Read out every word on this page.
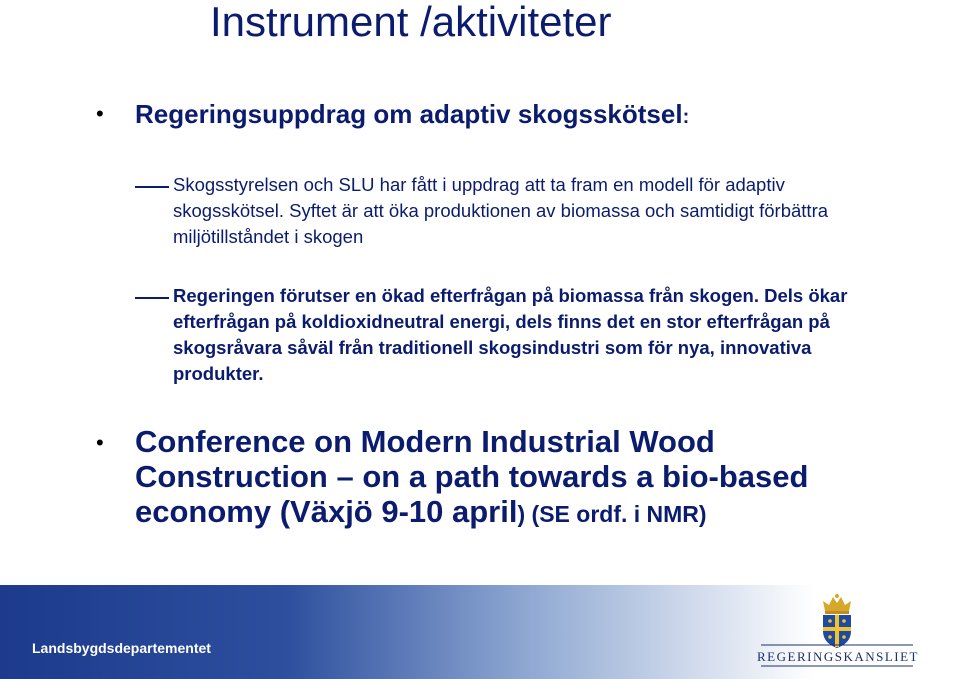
Instrument /aktiviteter
• Regeringsuppdrag om adaptiv skogsskötsel:
Skogsstyrelsen och SLU har fått i uppdrag att ta fram en modell för adaptiv skogsskötsel. Syftet är att öka produktionen av biomassa och samtidigt förbättra miljötillståndet i skogen
Regeringen förutser en ökad efterfrågan på biomassa från skogen. Dels ökar efterfrågan på koldioxidneutral energi, dels finns det en stor efterfrågan på skogsråvara såväl från traditionell skogsindustri som för nya, innovativa produkter.
• Conference on Modern Industrial Wood Construction – on a path towards a bio-based economy (Växjö 9-10 april) (SE ordf. i NMR)
Landsbygdsdepartementet
REGERINGSKANSLIET
